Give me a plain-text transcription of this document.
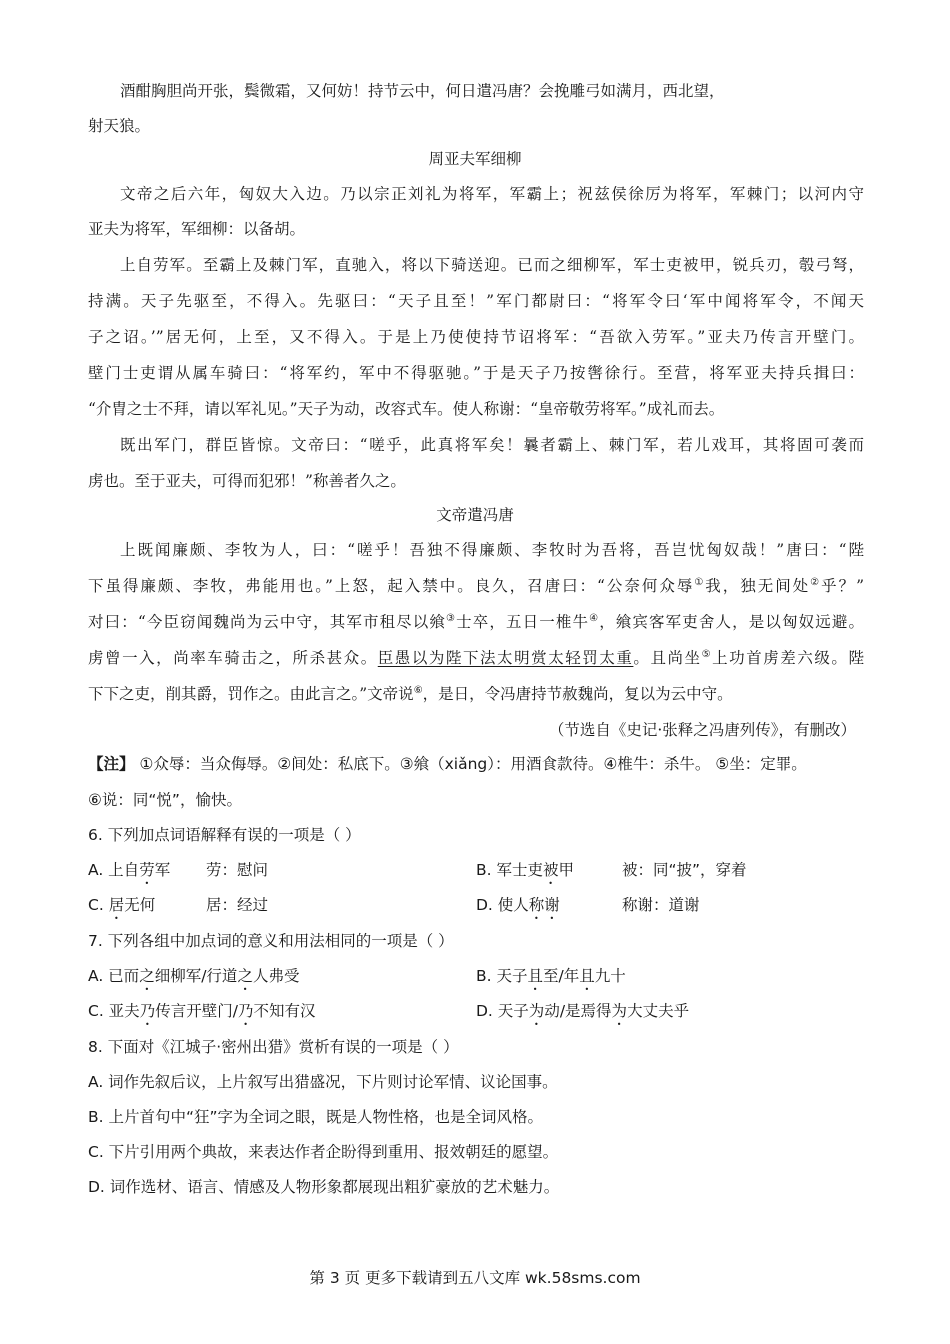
酒酣胸胆尚开张，鬓微霜，又何妨！持节云中，何日遣冯唐？会挽雕弓如满月，西北望，
射天狼。
周亚夫军细柳
文帝之后六年，匈奴大入边。乃以宗正刘礼为将军，军霸上；祝兹侯徐厉为将军，军棘门；以河内守
亚夫为将军，军细柳：以备胡。
上自劳军。至霸上及棘门军，直驰入，将以下骑送迎。已而之细柳军，军士吏被甲，锐兵刃，彀弓弩，
持满。天子先驱至，不得入。先驱曰：“天子且至！”军门都尉曰：“将军令曰‘军中闻将军令，不闻天
子之诏。’”居无何，上至，又不得入。于是上乃使使持节诏将军：“吾欲入劳军。”亚夫乃传言开壁门。
壁门士吏谓从属车骑曰：“将军约，军中不得驱驰。”于是天子乃按辔徐行。至营，将军亚夫持兵揖曰：
“介胄之士不拜，请以军礼见。”天子为动，改容式车。使人称谢：“皇帝敬劳将军。”成礼而去。
既出军门，群臣皆惊。文帝曰：“嗟乎，此真将军矣！曩者霸上、棘门军，若儿戏耳，其将固可袭而
虏也。至于亚夫，可得而犯邪！”称善者久之。
文帝遣冯唐
上既闻廉颇、李牧为人，曰：“嗟乎！吾独不得廉颇、李牧时为吾将，吾岂忧匈奴哉！”唐曰：“陛
下虽得廉颇、李牧，弗能用也。”上怒，起入禁中。良久，召唐曰：“公奈何众辱①我，独无间处②乎？”
对曰：“今臣窃闻魏尚为云中守，其军市租尽以飨③士卒，五日一椎牛④，飨宾客军吏舍人，是以匈奴远避。
虏曾一入，尚率车骑击之，所杀甚众。臣愚以为陛下法太明赏太轻罚太重。且尚坐⑤上功首虏差六级。陛
下下之吏，削其爵，罚作之。由此言之。”文帝说⑥，是日，令冯唐持节赦魏尚，复以为云中守。
（节选自《史记·张释之冯唐列传》，有删改）
【注】 ①众辱：当众侮辱。②间处：私底下。③飨（xiǎng）：用酒食款待。④椎牛：杀牛。 ⑤坐：定罪。
⑥说：同“悦”，愉快。
6. 下列加点词语解释有误的一项是（ ）
A. 上自劳军 劳：慰问	B. 军士吏被甲	被：同“披”，穿着
C. 居无何	居：经过	D. 使人称谢	称谢：道谢
7. 下列各组中加点词的意义和用法相同的一项是（ ）
A. 已而之细柳军/行道之人弗受	B. 天子且至/年且九十
C. 亚夫乃传言开壁门/乃不知有汉	D. 天子为动/是焉得为大丈夫乎
8. 下面对《江城子·密州出猎》赏析有误的一项是（ ）
A. 词作先叙后议，上片叙写出猎盛况，下片则讨论军情、议论国事。
B. 上片首句中“狂”字为全词之眼，既是人物性格，也是全词风格。
C. 下片引用两个典故，来表达作者企盼得到重用、报效朝廷的愿望。
D. 词作选材、语言、情感及人物形象都展现出粗犷豪放的艺术魅力。
第 3 页 更多下载请到五八文库 wk.58sms.com
